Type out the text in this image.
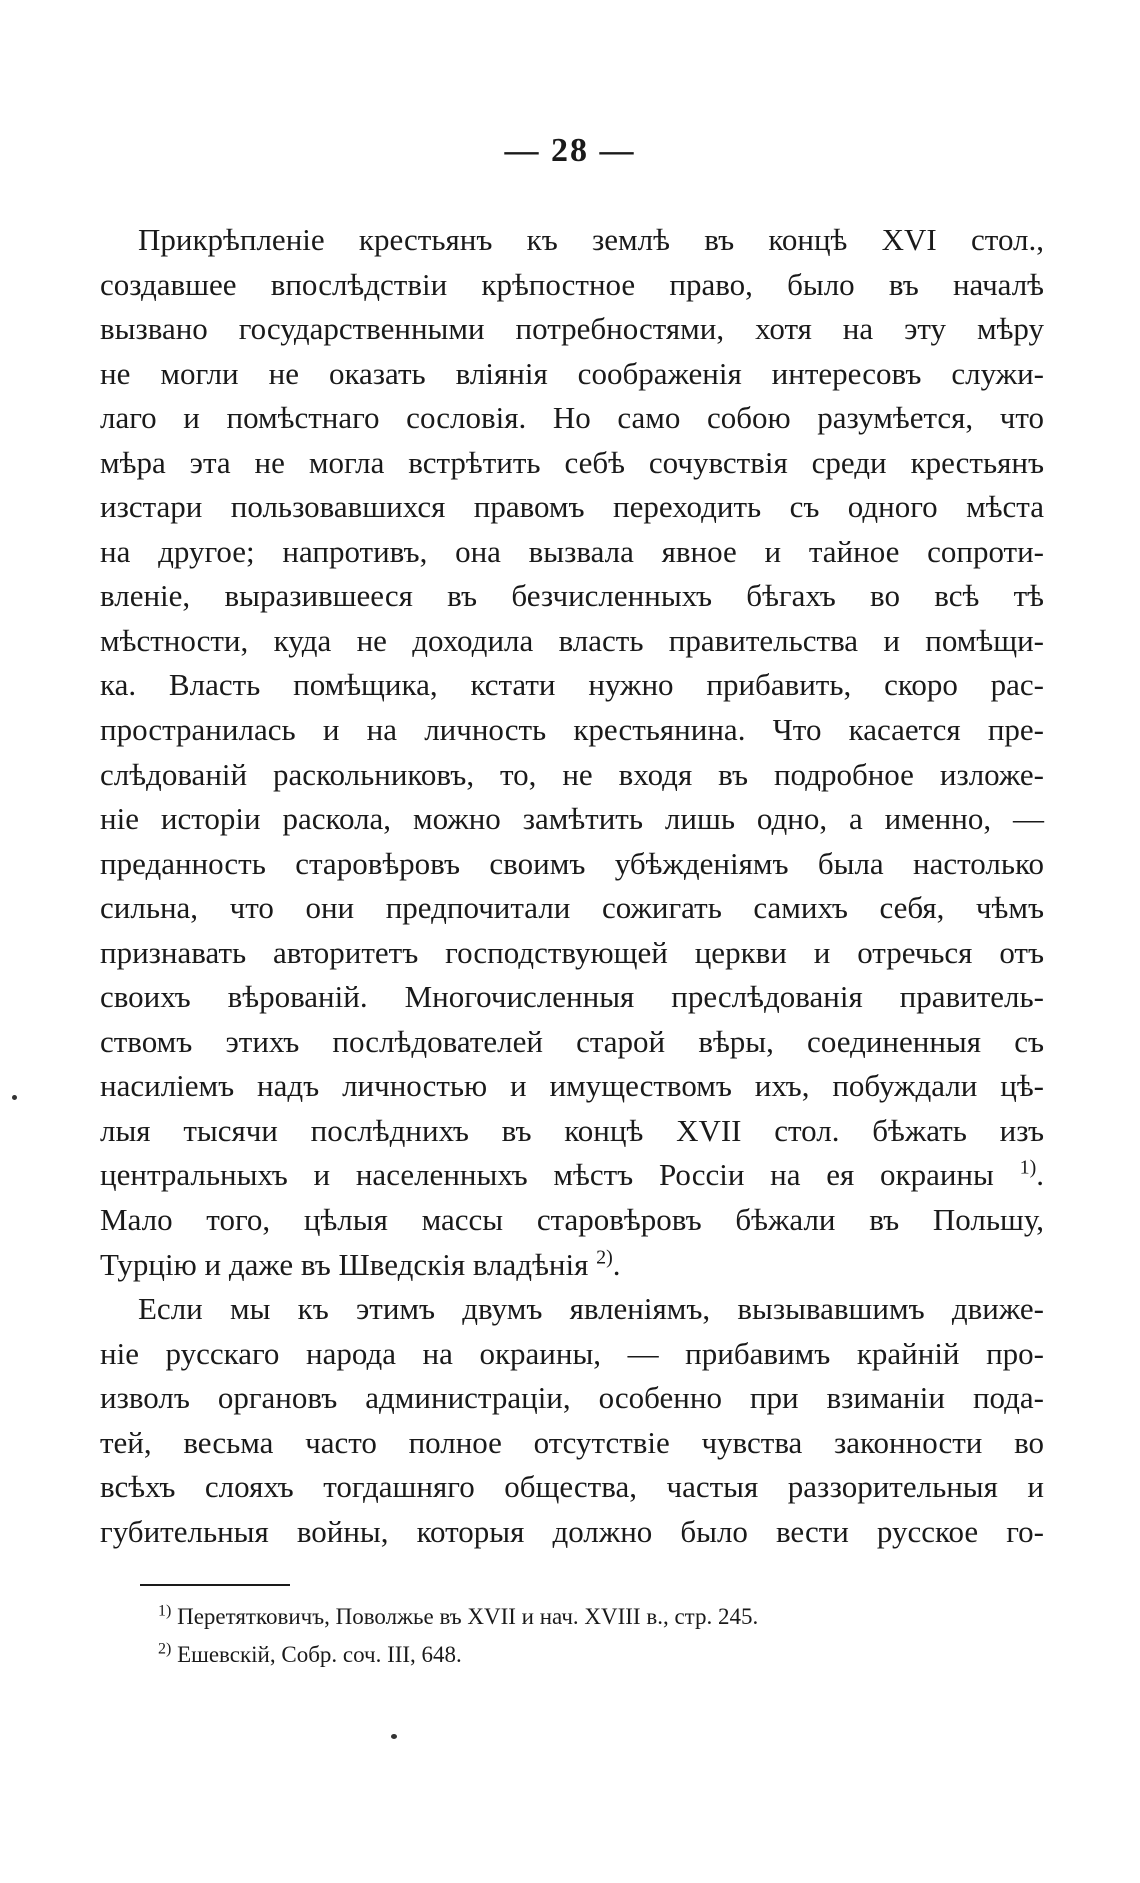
— 28 —
Прикрѣпленіе крестьянъ къ землѣ въ концѣ XVI стол.,
создавшее впослѣдствіи крѣпостное право, было въ началѣ
вызвано государственными потребностями, хотя на эту мѣру
не могли не оказать вліянія соображенія интересовъ служи-
лаго и помѣстнаго сословія. Но само собою разумѣется, что
мѣра эта не могла встрѣтить себѣ сочувствія среди крестьянъ
изстари пользовавшихся правомъ переходить съ одного мѣста
на другое; напротивъ, она вызвала явное и тайное сопроти-
вленіе, выразившееся въ безчисленныхъ бѣгахъ во всѣ тѣ
мѣстности, куда не доходила власть правительства и помѣщи-
ка. Власть помѣщика, кстати нужно прибавить, скоро рас-
пространилась и на личность крестьянина. Что касается пре-
слѣдованій раскольниковъ, то, не входя въ подробное изложе-
ніе исторіи раскола, можно замѣтить лишь одно, а именно, —
преданность старовѣровъ своимъ убѣжденіямъ была настолько
сильна, что они предпочитали сожигать самихъ себя, чѣмъ
признавать авторитетъ господствующей церкви и отречься отъ
своихъ вѣрованій. Многочисленныя преслѣдованія правитель-
ствомъ этихъ послѣдователей старой вѣры, соединенныя съ
насиліемъ надъ личностью и имуществомъ ихъ, побуждали цѣ-
лыя тысячи послѣднихъ въ концѣ XVII стол. бѣжать изъ
центральныхъ и населенныхъ мѣстъ Россіи на ея окраины $^{1)}$.
Мало того, цѣлыя массы старовѣровъ бѣжали въ Польшу,
Турцію и даже въ Шведскія владѣнія $^{2)}$.
Если мы къ этимъ двумъ явленіямъ, вызывавшимъ движе-
ніе русскаго народа на окраины, — прибавимъ крайній про-
изволъ органовъ администраціи, особенно при взиманіи пода-
тей, весьма часто полное отсутствіе чувства законности во
всѣхъ слояхъ тогдашняго общества, частыя раззорительныя и
губительныя войны, которыя должно было вести русское го-
$^{1)}$ Перетятковичъ, Поволжье въ XVII и нач. XVIII в., стр. 245.
$^{2)}$ Ешевскій, Собр. соч. III, 648.
